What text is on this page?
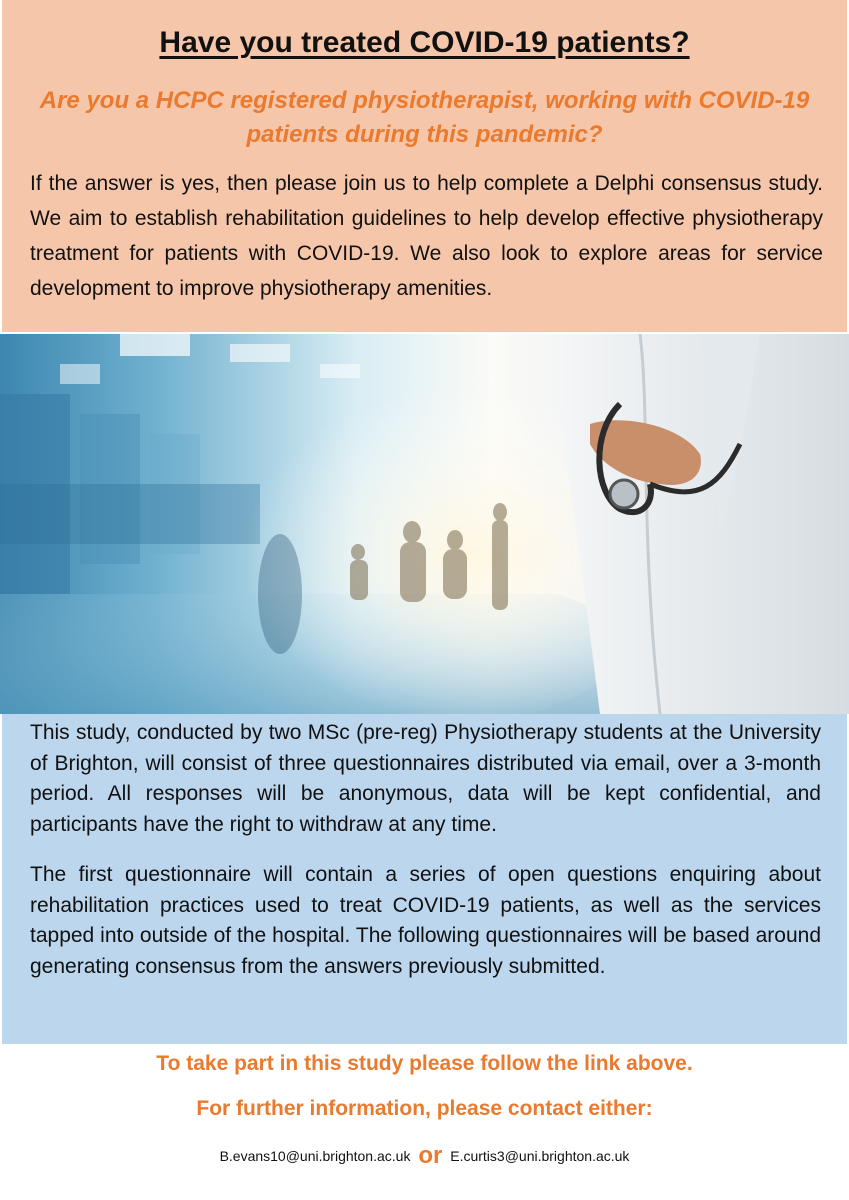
Have you treated COVID-19 patients?
Are you a HCPC registered physiotherapist, working with COVID-19
patients during this pandemic?
If the answer is yes, then please join us to help complete a Delphi consensus study. We aim to establish rehabilitation guidelines to help develop effective physiotherapy treatment for patients with COVID-19. We also look to explore areas for service development to improve physiotherapy amenities.
This study, conducted by two MSc (pre-reg) Physiotherapy students at the University of Brighton, will consist of three questionnaires distributed via email, over a 3-month period. All responses will be anonymous, data will be kept confidential, and participants have the right to withdraw at any time.
The first questionnaire will contain a series of open questions enquiring about rehabilitation practices used to treat COVID-19 patients, as well as the services tapped into outside of the hospital. The following questionnaires will be based around generating consensus from the answers previously submitted.
To take part in this study please follow the link above.
For further information, please contact either:
B.evans10@uni.brighton.ac.uk or E.curtis3@uni.brighton.ac.uk
